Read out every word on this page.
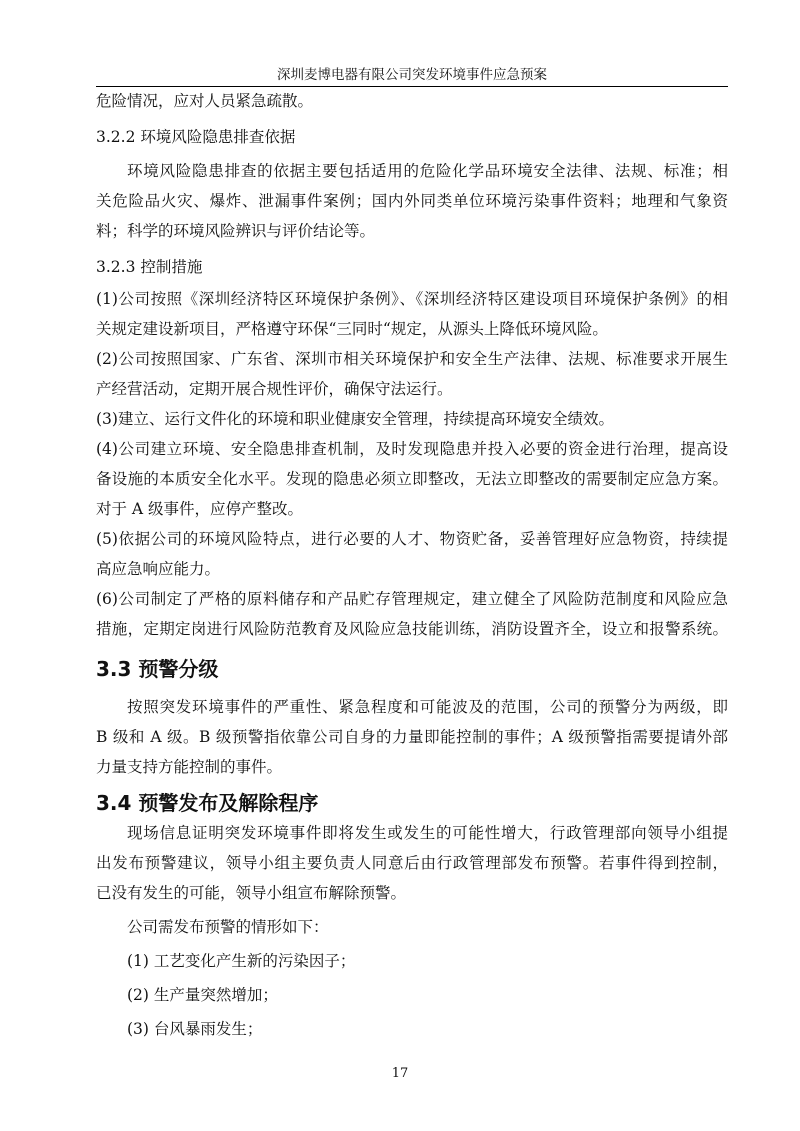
深圳麦博电器有限公司突发环境事件应急预案
危险情况，应对人员紧急疏散。
3.2.2 环境风险隐患排查依据
环境风险隐患排查的依据主要包括适用的危险化学品环境安全法律、法规、标准；相
关危险品火灾、爆炸、泄漏事件案例；国内外同类单位环境污染事件资料；地理和气象资
料；科学的环境风险辨识与评价结论等。
3.2.3 控制措施
(1)公司按照《深圳经济特区环境保护条例》、《深圳经济特区建设项目环境保护条例》的相
关规定建设新项目，严格遵守环保“三同时“规定，从源头上降低环境风险。
(2)公司按照国家、广东省、深圳市相关环境保护和安全生产法律、法规、标准要求开展生
产经营活动，定期开展合规性评价，确保守法运行。
(3)建立、运行文件化的环境和职业健康安全管理，持续提高环境安全绩效。
(4)公司建立环境、安全隐患排查机制，及时发现隐患并投入必要的资金进行治理，提高设
备设施的本质安全化水平。发现的隐患必须立即整改，无法立即整改的需要制定应急方案。
对于 A 级事件，应停产整改。
(5)依据公司的环境风险特点，进行必要的人才、物资贮备，妥善管理好应急物资，持续提
高应急响应能力。
(6)公司制定了严格的原料储存和产品贮存管理规定，建立健全了风险防范制度和风险应急
措施，定期定岗进行风险防范教育及风险应急技能训练，消防设置齐全，设立和报警系统。
3.3 预警分级
按照突发环境事件的严重性、紧急程度和可能波及的范围，公司的预警分为两级，即
B 级和 A 级。B 级预警指依靠公司自身的力量即能控制的事件；A 级预警指需要提请外部
力量支持方能控制的事件。
3.4 预警发布及解除程序
现场信息证明突发环境事件即将发生或发生的可能性增大，行政管理部向领导小组提
出发布预警建议，领导小组主要负责人同意后由行政管理部发布预警。若事件得到控制，
已没有发生的可能，领导小组宣布解除预警。
公司需发布预警的情形如下：
(1) 工艺变化产生新的污染因子；
(2) 生产量突然增加；
(3) 台风暴雨发生；
17
